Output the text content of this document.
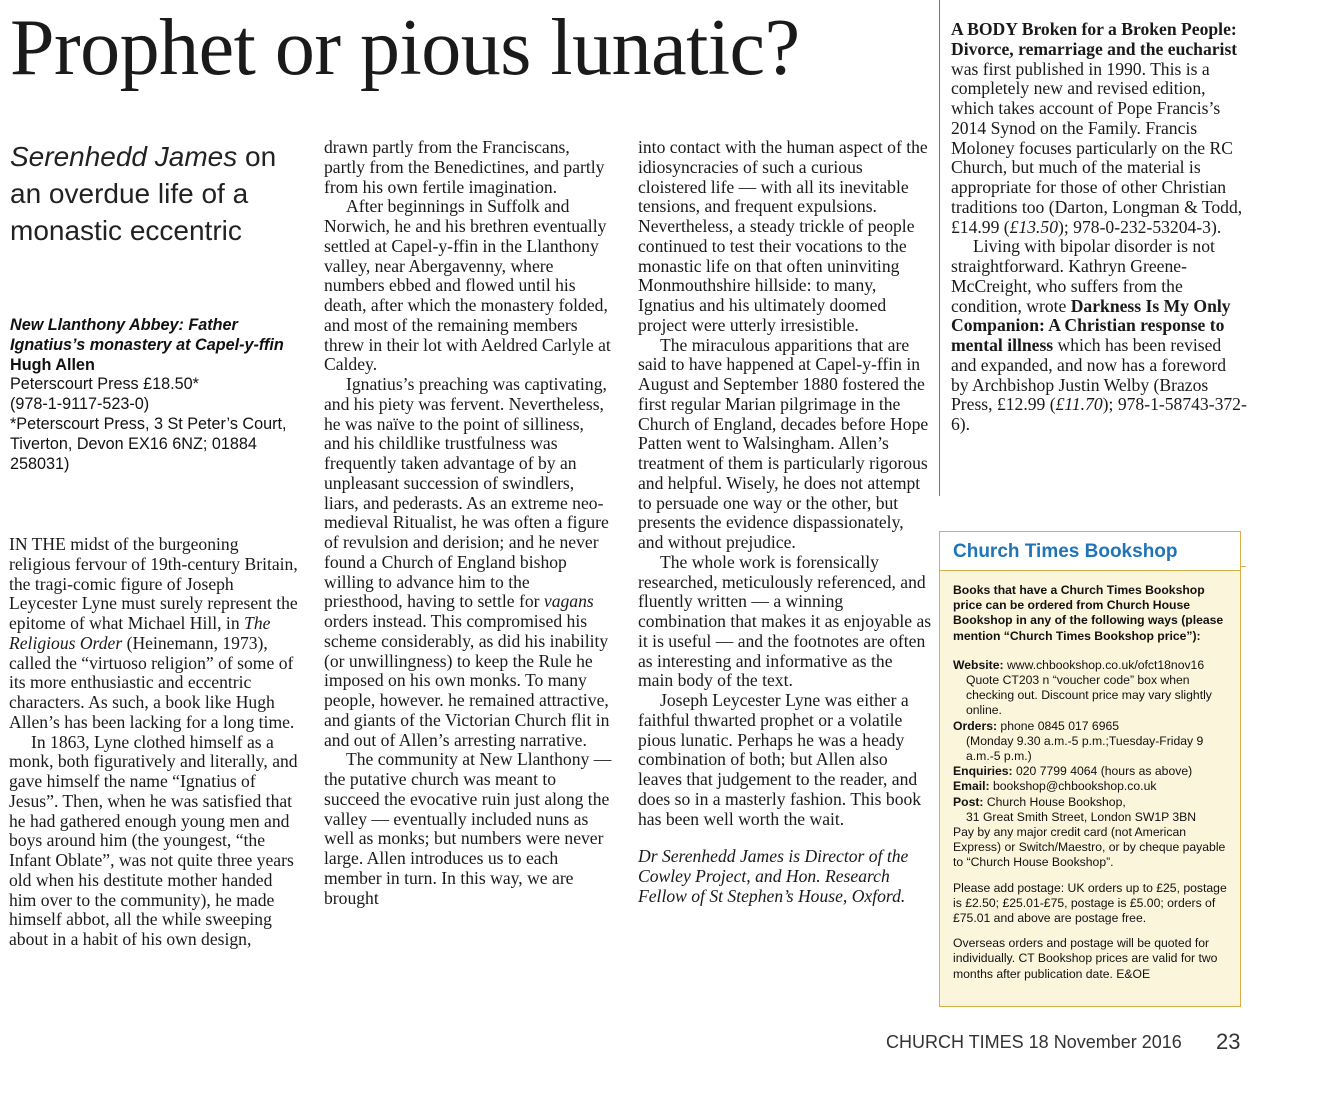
Prophet or pious lunatic?
Serenhedd James on an overdue life of a monastic eccentric
New Llanthony Abbey: Father Ignatius’s monastery at Capel-y-ffin
Hugh Allen
Peterscourt Press £18.50*
(978-1-9117-523-0)
*Peterscourt Press, 3 St Peter’s Court, Tiverton, Devon EX16 6NZ; 01884 258031)

IN THE midst of the burgeoning religious fervour of 19th-century Britain, the tragi-comic figure of Joseph Leycester Lyne must surely represent the epitome of what Michael Hill, in The Religious Order (Heinemann, 1973), called the “virtuoso religion” of some of its more enthusiastic and eccentric characters. As such, a book like Hugh Allen’s has been lacking for a long time.

In 1863, Lyne clothed himself as a monk, both figuratively and literally, and gave himself the name “Ignatius of Jesus”. Then, when he was satisfied that he had gathered enough young men and boys around him (the youngest, “the Infant Oblate”, was not quite three years old when his destitute mother handed him over to the community), he made himself abbot, all the while sweeping about in a habit of his own design,

drawn partly from the Franciscans, partly from the Benedictines, and partly from his own fertile imagination.

After beginnings in Suffolk and Norwich, he and his brethren eventually settled at Capel-y-ffin in the Llanthony valley, near Abergavenny, where numbers ebbed and flowed until his death, after which the monastery folded, and most of the remaining members threw in their lot with Aeldred Carlyle at Caldey.

Ignatius’s preaching was captivating, and his piety was fervent. Nevertheless, he was naïve to the point of silliness, and his childlike trustfulness was frequently taken advantage of by an unpleasant succession of swindlers, liars, and pederasts. As an extreme neo-medieval Ritualist, he was often a figure of revulsion and derision; and he never found a Church of England bishop willing to advance him to the priesthood, having to settle for vagans orders instead. This compromised his scheme considerably, as did his inability (or unwillingness) to keep the Rule he imposed on his own monks. To many people, however. he remained attractive, and giants of the Victorian Church flit in and out of Allen’s arresting narrative.

The community at New Llanthony — the putative church was meant to succeed the evocative ruin just along the valley — eventually included nuns as well as monks; but numbers were never large. Allen introduces us to each member in turn. In this way, we are brought

into contact with the human aspect of the idiosyncracies of such a curious cloistered life — with all its inevitable tensions, and frequent expulsions. Nevertheless, a steady trickle of people continued to test their vocations to the monastic life on that often uninviting Monmouthshire hillside: to many, Ignatius and his ultimately doomed project were utterly irresistible.

The miraculous apparitions that are said to have happened at Capel-y-ffin in August and September 1880 fostered the first regular Marian pilgrimage in the Church of England, decades before Hope Patten went to Walsingham. Allen’s treatment of them is particularly rigorous and helpful. Wisely, he does not attempt to persuade one way or the other, but presents the evidence dispassionately, and without prejudice.

The whole work is forensically researched, meticulously referenced, and fluently written — a winning combination that makes it as enjoyable as it is useful — and the footnotes are often as interesting and informative as the main body of the text.

Joseph Leycester Lyne was either a faithful thwarted prophet or a volatile pious lunatic. Perhaps he was a heady combination of both; but Allen also leaves that judgement to the reader, and does so in a masterly fashion. This book has been well worth the wait.

Dr Serenhedd James is Director of the Cowley Project, and Hon. Research Fellow of St Stephen’s House, Oxford.

A BODY Broken for a Broken People: Divorce, remarriage and the eucharist was first published in 1990. This is a completely new and revised edition, which takes account of Pope Francis’s 2014 Synod on the Family. Francis Moloney focuses particularly on the RC Church, but much of the material is appropriate for those of other Christian traditions too (Darton, Longman & Todd, £14.99 (£13.50); 978-0-232-53204-3).

Living with bipolar disorder is not straightforward. Kathryn Greene-McCreight, who suffers from the condition, wrote Darkness Is My Only Companion: A Christian response to mental illness which has been revised and expanded, and now has a foreword by Archbishop Justin Welby (Brazos Press, £12.99 (£11.70); 978-1-58743-372-6).

Church Times Bookshop

Books that have a Church Times Bookshop price can be ordered from Church House Bookshop in any of the following ways (please mention “Church Times Bookshop price”):

Website: www.chbookshop.co.uk/ofct18nov16
Quote CT203 n “voucher code” box when checking out. Discount price may vary slightly online.

Orders: phone 0845 017 6965
(Monday 9.30 a.m.-5 p.m.;Tuesday-Friday 9 a.m.-5 p.m.)

Enquiries: 020 7799 4064 (hours as above)

Email: bookshop@chbookshop.co.uk

Post: Church House Bookshop,
31 Great Smith Street, London SW1P 3BN

Pay by any major credit card (not American Express) or Switch/Maestro, or by cheque payable to “Church House Bookshop”.

Please add postage: UK orders up to £25, postage is £2.50; £25.01-£75, postage is £5.00; orders of £75.01 and above are postage free.

Overseas orders and postage will be quoted for individually. CT Bookshop prices are valid for two months after publication date. E&OE

CHURCH TIMES 18 November 2016 23
